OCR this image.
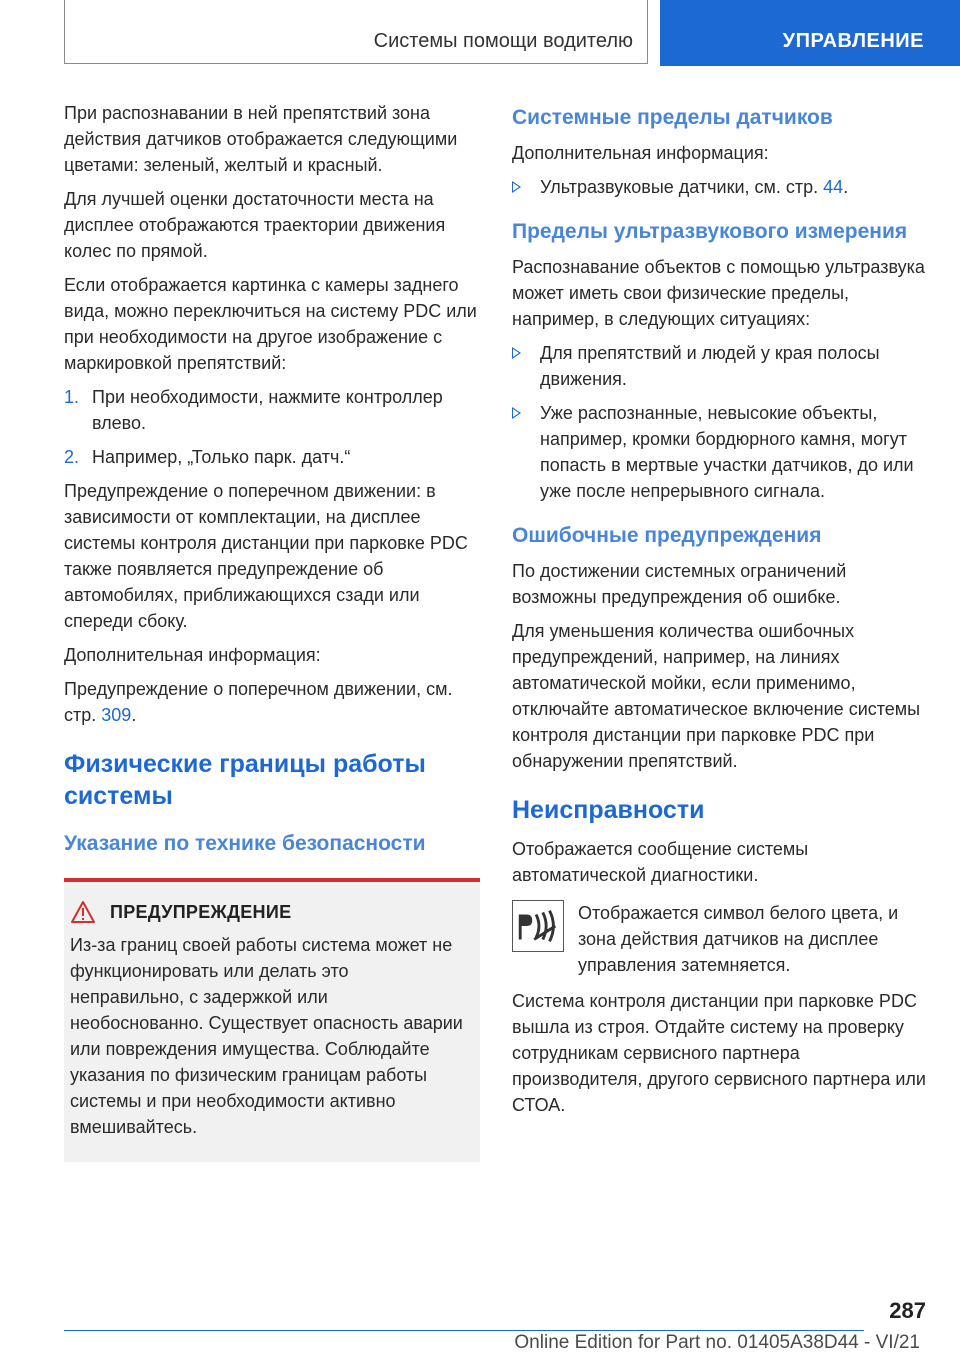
Системы помощи водителю	УПРАВЛЕНИЕ

При распознавании в ней препятствий зона действия датчиков отображается следующими цветами: зеленый, желтый и красный.

Для лучшей оценки достаточности места на дисплее отображаются траектории движения колес по прямой.

Если отображается картинка с камеры заднего вида, можно переключиться на систему PDC или при необходимости на другое изображение с маркировкой препятствий:

1. При необходимости, нажмите контроллер влево.
2. Например, „Только парк. датч.“

Предупреждение о поперечном движении: в зависимости от комплектации, на дисплее системы контроля дистанции при парковке PDC также появляется предупреждение об автомобилях, приближающихся сзади или спереди сбоку.

Дополнительная информация:

Предупреждение о поперечном движении, см. стр. 309.

Физические границы работы системы
Указание по технике безопасности
ПРЕДУПРЕЖДЕНИЕ

Из-за границ своей работы система может не функционировать или делать это неправильно, с задержкой или необоснованно. Существует опасность аварии или повреждения имущества. Соблюдайте указания по физическим границам работы системы и при необходимости активно вмешивайтесь.

Системные пределы датчиков

Дополнительная информация:

Ультразвуковые датчики, см. стр. 44.
Пределы ультразвукового измерения

Распознавание объектов с помощью ультразвука может иметь свои физические пределы, например, в следующих ситуациях:

Для препятствий и людей у края полосы движения.
Уже распознанные, невысокие объекты, например, кромки бордюрного камня, могут попасть в мертвые участки датчиков, до или уже после непрерывного сигнала.
Ошибочные предупреждения

По достижении системных ограничений возможны предупреждения об ошибке.

Для уменьшения количества ошибочных предупреждений, например, на линиях автоматической мойки, если применимо, отключайте автоматическое включение системы контроля дистанции при парковке PDC при обнаружении препятствий.

Неисправности

Отображается сообщение системы автоматической диагностики.

Отображается символ белого цвета, и зона действия датчиков на дисплее управления затемняется.

Система контроля дистанции при парковке PDC вышла из строя. Отдайте систему на проверку сотрудникам сервисного партнера производителя, другого сервисного партнера или СТОА.

287
Online Edition for Part no. 01405A38D44 - VI/21
